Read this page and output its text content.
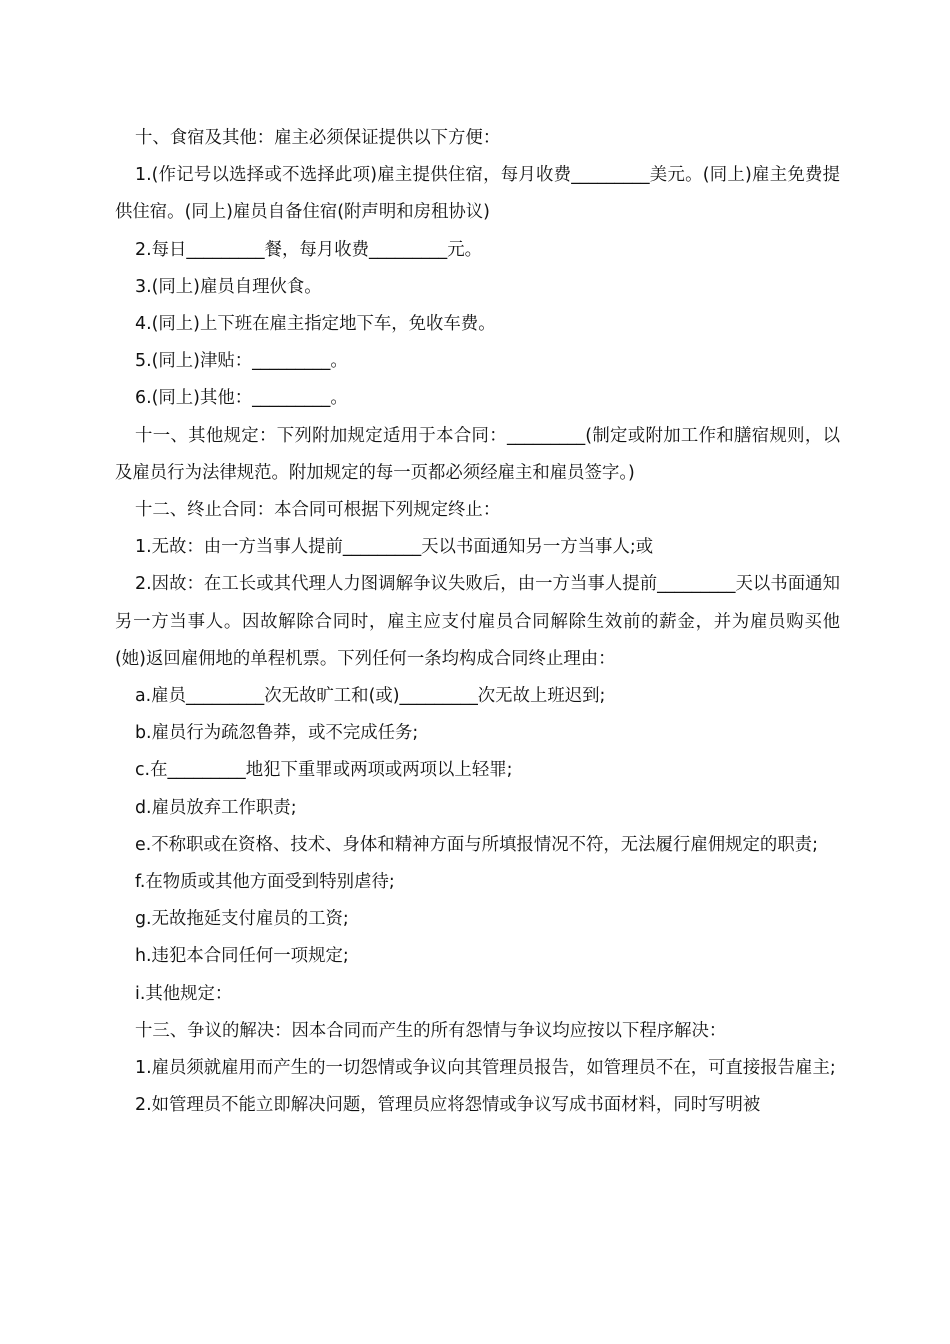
十、食宿及其他：雇主必须保证提供以下方便：

1.(作记号以选择或不选择此项)雇主提供住宿，每月收费_________美元。(同上)雇主免费提供住宿。(同上)雇员自备住宿(附声明和房租协议)

2.每日_________餐，每月收费_________元。

3.(同上)雇员自理伙食。

4.(同上)上下班在雇主指定地下车，免收车费。

5.(同上)津贴：_________。

6.(同上)其他：_________。

十一、其他规定：下列附加规定适用于本合同：_________(制定或附加工作和膳宿规则，以及雇员行为法律规范。附加规定的每一页都必须经雇主和雇员签字。)

十二、终止合同：本合同可根据下列规定终止：

1.无故：由一方当事人提前_________天以书面通知另一方当事人;或

2.因故：在工长或其代理人力图调解争议失败后，由一方当事人提前_________天以书面通知另一方当事人。因故解除合同时，雇主应支付雇员合同解除生效前的薪金，并为雇员购买他(她)返回雇佣地的单程机票。下列任何一条均构成合同终止理由：

a.雇员_________次无故旷工和(或)_________次无故上班迟到;

b.雇员行为疏忽鲁莽，或不完成任务;

c.在_________地犯下重罪或两项或两项以上轻罪;

d.雇员放弃工作职责;

e.不称职或在资格、技术、身体和精神方面与所填报情况不符，无法履行雇佣规定的职责;

f.在物质或其他方面受到特别虐待;

g.无故拖延支付雇员的工资;

h.违犯本合同任何一项规定;

i.其他规定：

十三、争议的解决：因本合同而产生的所有怨情与争议均应按以下程序解决：

1.雇员须就雇用而产生的一切怨情或争议向其管理员报告，如管理员不在，可直接报告雇主;

2.如管理员不能立即解决问题，管理员应将怨情或争议写成书面材料，同时写明被
